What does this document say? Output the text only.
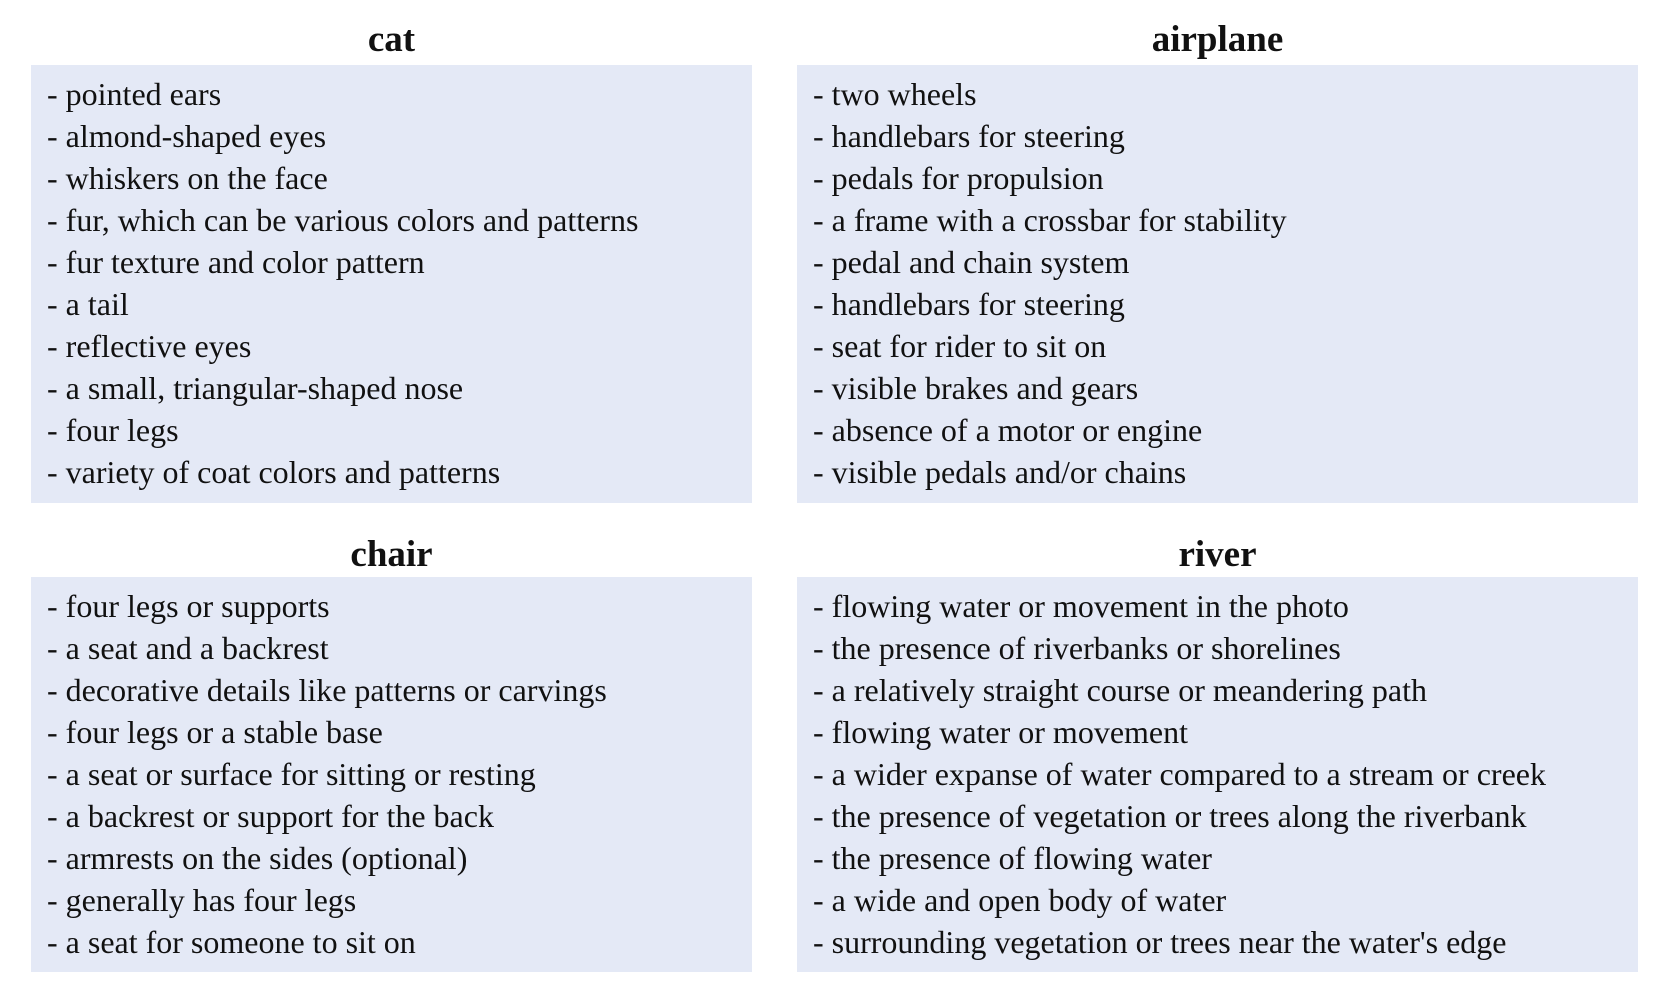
cat
- pointed ears
- almond-shaped eyes
- whiskers on the face
- fur, which can be various colors and patterns
- fur texture and color pattern
- a tail
- reflective eyes
- a small, triangular-shaped nose
- four legs
- variety of coat colors and patterns
airplane
- two wheels
- handlebars for steering
- pedals for propulsion
- a frame with a crossbar for stability
- pedal and chain system
- handlebars for steering
- seat for rider to sit on
- visible brakes and gears
- absence of a motor or engine
- visible pedals and/or chains
chair
- four legs or supports
- a seat and a backrest
- decorative details like patterns or carvings
- four legs or a stable base
- a seat or surface for sitting or resting
- a backrest or support for the back
- armrests on the sides (optional)
- generally has four legs
- a seat for someone to sit on
river
- flowing water or movement in the photo
- the presence of riverbanks or shorelines
- a relatively straight course or meandering path
- flowing water or movement
- a wider expanse of water compared to a stream or creek
- the presence of vegetation or trees along the riverbank
- the presence of flowing water
- a wide and open body of water
- surrounding vegetation or trees near the water's edge
